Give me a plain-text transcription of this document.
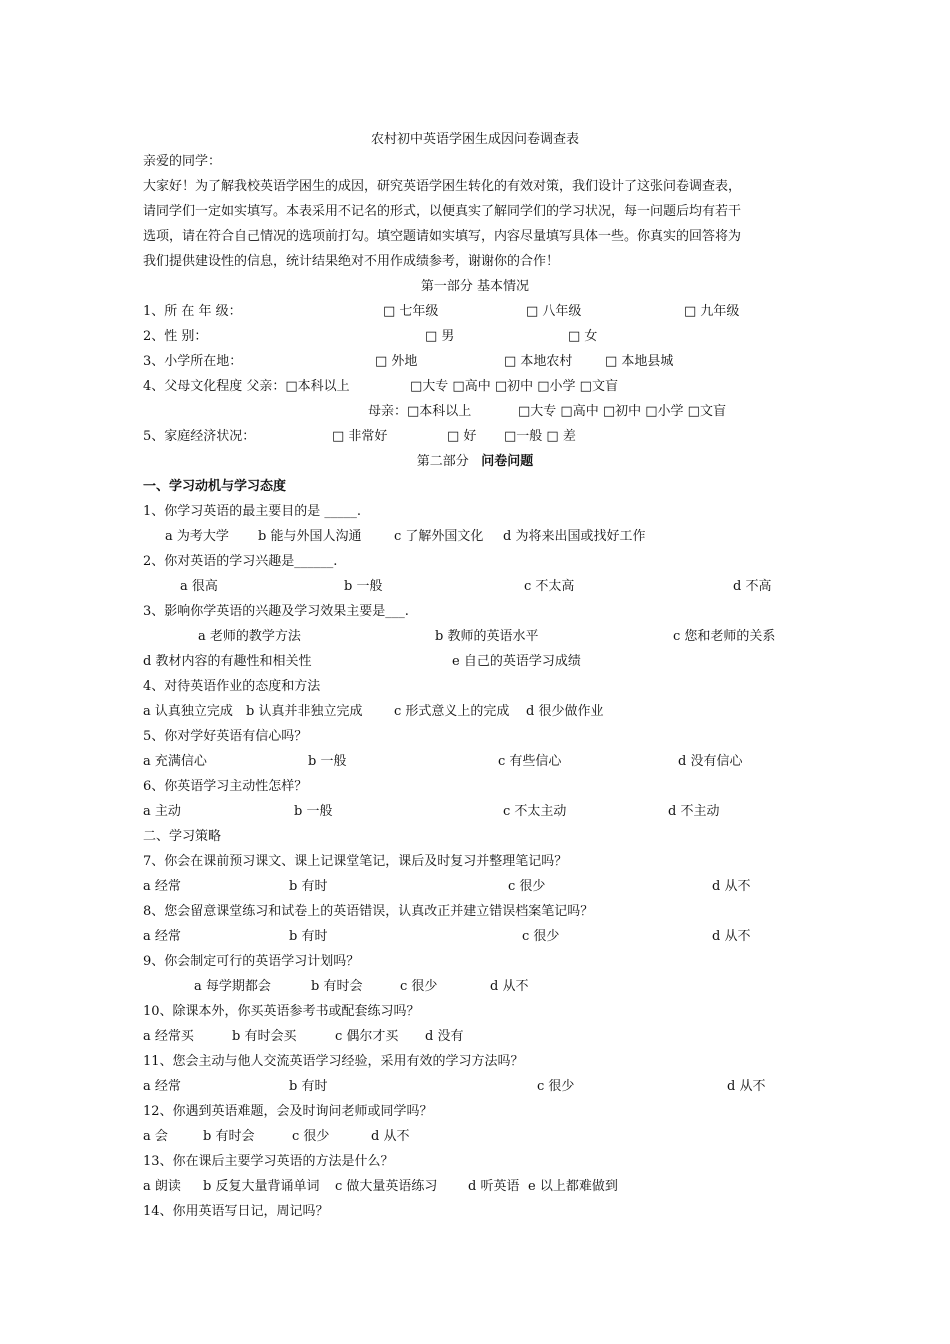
农村初中英语学困生成因问卷调查表
亲爱的同学：
大家好！为了解我校英语学困生的成因，研究英语学困生转化的有效对策，我们设计了这张问卷调查表，
请同学们一定如实填写。本表采用不记名的形式，以便真实了解同学们的学习状况，每一问题后均有若干
选项，请在符合自己情况的选项前打勾。填空题请如实填写，内容尽量填写具体一些。你真实的回答将为
我们提供建设性的信息，统计结果绝对不用作成绩参考，谢谢你的合作！
第一部分 基本情况
1、所 在 年 级：	□ 七年级	□ 八年级	□ 九年级
2、性 别：	□ 男	□ 女
3、小学所在地：	□ 外地	□ 本地农村	□ 本地县城
4、父母文化程度 父亲：□本科以上	□大专 □高中 □初中 □小学 □文盲
母亲：□本科以上	□大专 □高中 □初中 □小学 □文盲
5、家庭经济状况：	□ 非常好	□ 好 □一般 □ 差
第二部分 问卷问题
一、学习动机与学习态度
1、你学习英语的最主要目的是 _____.
a 为考大学 b 能与外国人沟通	c 了解外国文化 d 为将来出国或找好工作
2、你对英语的学习兴趣是______.
a 很高	b 一般	c 不太高	d 不高
3、影响你学英语的兴趣及学习效果主要是___.
a 老师的教学方法	b 教师的英语水平	c 您和老师的关系
d 教材内容的有趣性和相关性	e 自己的英语学习成绩
4、对待英语作业的态度和方法
a 认真独立完成 b 认真并非独立完成 c 形式意义上的完成 d 很少做作业
5、你对学好英语有信心吗？
a 充满信心	b 一般	c 有些信心	d 没有信心
6、你英语学习主动性怎样？
a 主动	b 一般	c 不太主动	d 不主动
二、学习策略
7、你会在课前预习课文、课上记课堂笔记，课后及时复习并整理笔记吗？
a 经常	b 有时	c 很少	d 从不
8、您会留意课堂练习和试卷上的英语错误，认真改正并建立错误档案笔记吗？
a 经常	b 有时	c 很少	d 从不
9、你会制定可行的英语学习计划吗？
a 每学期都会	b 有时会	c 很少	d 从不
10、除课本外，你买英语参考书或配套练习吗？
a 经常买	b 有时会买	c 偶尔才买 d 没有
11、您会主动与他人交流英语学习经验，采用有效的学习方法吗？
a 经常	b 有时	c 很少	d 从不
12、你遇到英语难题，会及时询问老师或同学吗？
a 会	b 有时会	c 很少	d 从不
13、你在课后主要学习英语的方法是什么？
a 朗读 b 反复大量背诵单词 c 做大量英语练习 d 听英语 e 以上都难做到
14、你用英语写日记，周记吗？
